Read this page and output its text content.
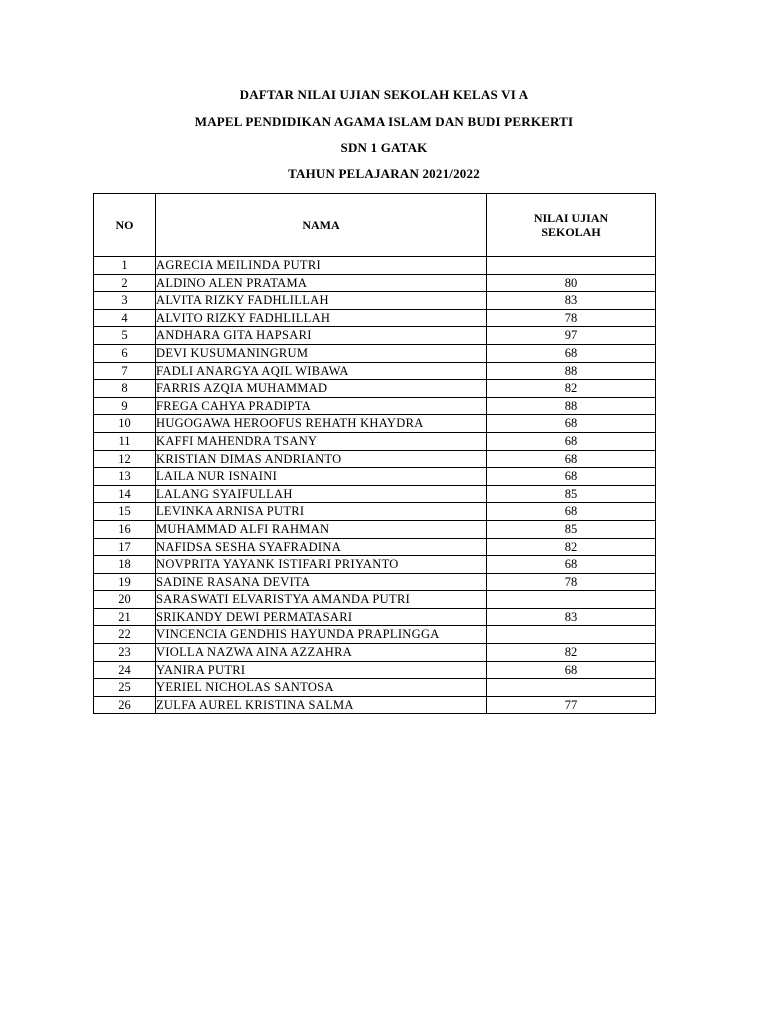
DAFTAR NILAI UJIAN SEKOLAH KELAS VI A
MAPEL PENDIDIKAN AGAMA ISLAM DAN BUDI PERKERTI
SDN 1 GATAK
TAHUN PELAJARAN 2021/2022
NO	NAMA	NILAI UJIAN
SEKOLAH

1	AGRECIA MEILINDA PUTRI	
2	ALDINO ALEN PRATAMA	80
3	ALVITA RIZKY FADHLILLAH	83
4	ALVITO RIZKY FADHLILLAH	78
5	ANDHARA GITA HAPSARI	97
6	DEVI KUSUMANINGRUM	68
7	FADLI ANARGYA AQIL WIBAWA	88
8	FARRIS AZQIA MUHAMMAD	82
9	FREGA CAHYA PRADIPTA	88
10	HUGOGAWA HEROOFUS REHATH KHAYDRA	68
11	KAFFI MAHENDRA TSANY	68
12	KRISTIAN DIMAS ANDRIANTO	68
13	LAILA NUR ISNAINI	68
14	LALANG SYAIFULLAH	85
15	LEVINKA ARNISA PUTRI	68
16	MUHAMMAD ALFI RAHMAN	85
17	NAFIDSA SESHA SYAFRADINA	82
18	NOVPRITA YAYANK ISTIFARI PRIYANTO	68
19	SADINE RASANA DEVITA	78
20	SARASWATI ELVARISTYA AMANDA PUTRI	
21	SRIKANDY DEWI PERMATASARI	83
22	VINCENCIA GENDHIS HAYUNDA PRAPLINGGA	
23	VIOLLA NAZWA AINA AZZAHRA	82
24	YANIRA PUTRI	68
25	YERIEL NICHOLAS SANTOSA	
26	ZULFA AUREL KRISTINA SALMA	77
